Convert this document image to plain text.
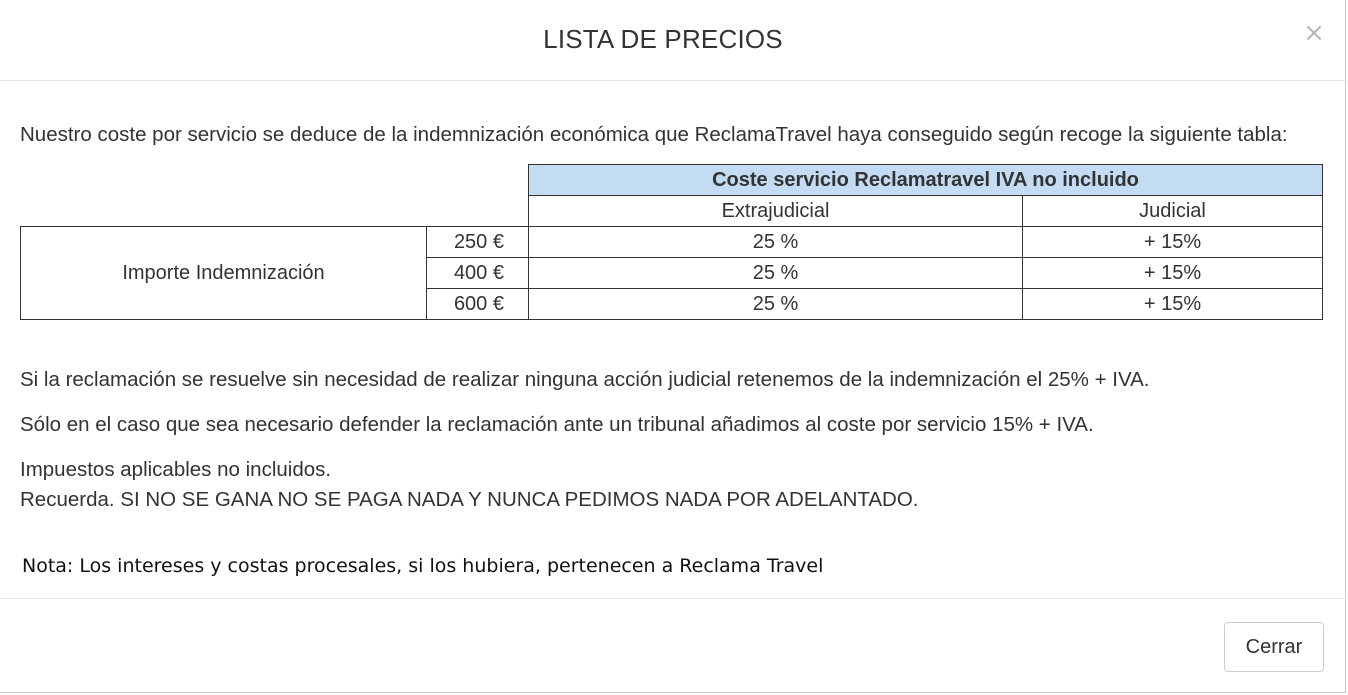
LISTA DE PRECIOS	×

Nuestro coste por servicio se deduce de la indemnización económica que ReclamaTravel haya conseguido según recoge la siguiente tabla:

		Coste servicio Reclamatravel IVA no incluido	
		Extrajudicial	Judicial
Importe Indemnización	250 €	25 %	+ 15%
	400 €	25 %	+ 15%
	600 €	25 %	+ 15%

Si la reclamación se resuelve sin necesidad de realizar ninguna acción judicial retenemos de la indemnización el 25% + IVA.

Sólo en el caso que sea necesario defender la reclamación ante un tribunal añadimos al coste por servicio 15% + IVA.

Impuestos aplicables no incluidos.

Recuerda. SI NO SE GANA NO SE PAGA NADA Y NUNCA PEDIMOS NADA POR ADELANTADO.

Nota: Los intereses y costas procesales, si los hubiera, pertenecen a Reclama Travel

Cerrar
